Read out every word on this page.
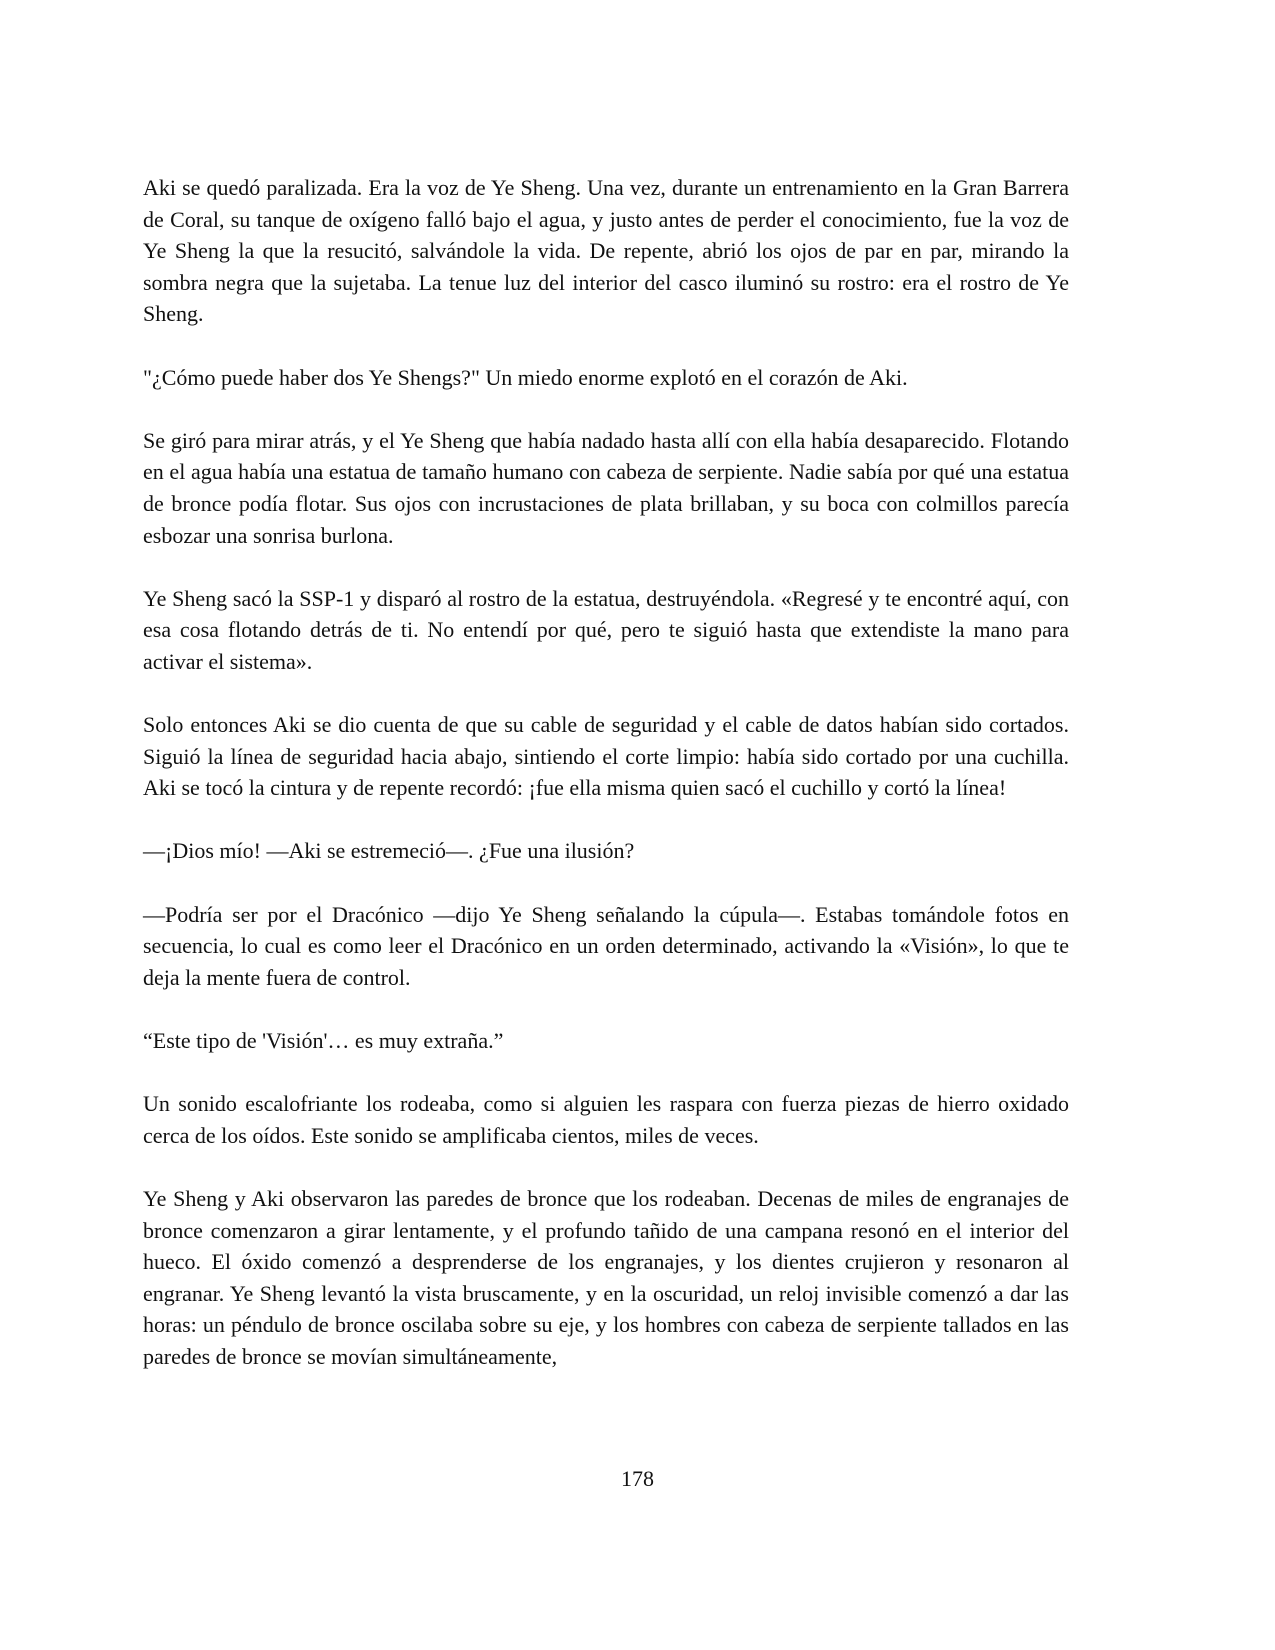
Aki se quedó paralizada. Era la voz de Ye Sheng. Una vez, durante un entrenamiento en la Gran Barrera de Coral, su tanque de oxígeno falló bajo el agua, y justo antes de perder el conocimiento, fue la voz de Ye Sheng la que la resucitó, salvándole la vida. De repente, abrió los ojos de par en par, mirando la sombra negra que la sujetaba. La tenue luz del interior del casco iluminó su rostro: era el rostro de Ye Sheng.

"¿Cómo puede haber dos Ye Shengs?" Un miedo enorme explotó en el corazón de Aki.

Se giró para mirar atrás, y el Ye Sheng que había nadado hasta allí con ella había desaparecido. Flotando en el agua había una estatua de tamaño humano con cabeza de serpiente. Nadie sabía por qué una estatua de bronce podía flotar. Sus ojos con incrustaciones de plata brillaban, y su boca con colmillos parecía esbozar una sonrisa burlona.

Ye Sheng sacó la SSP-1 y disparó al rostro de la estatua, destruyéndola. «Regresé y te encontré aquí, con esa cosa flotando detrás de ti. No entendí por qué, pero te siguió hasta que extendiste la mano para activar el sistema».

Solo entonces Aki se dio cuenta de que su cable de seguridad y el cable de datos habían sido cortados. Siguió la línea de seguridad hacia abajo, sintiendo el corte limpio: había sido cortado por una cuchilla. Aki se tocó la cintura y de repente recordó: ¡fue ella misma quien sacó el cuchillo y cortó la línea!

—¡Dios mío! —Aki se estremeció—. ¿Fue una ilusión?

—Podría ser por el Dracónico —dijo Ye Sheng señalando la cúpula—. Estabas tomándole fotos en secuencia, lo cual es como leer el Dracónico en un orden determinado, activando la «Visión», lo que te deja la mente fuera de control.

“Este tipo de 'Visión'… es muy extraña.”

Un sonido escalofriante los rodeaba, como si alguien les raspara con fuerza piezas de hierro oxidado cerca de los oídos. Este sonido se amplificaba cientos, miles de veces.

Ye Sheng y Aki observaron las paredes de bronce que los rodeaban. Decenas de miles de engranajes de bronce comenzaron a girar lentamente, y el profundo tañido de una campana resonó en el interior del hueco. El óxido comenzó a desprenderse de los engranajes, y los dientes crujieron y resonaron al engranar. Ye Sheng levantó la vista bruscamente, y en la oscuridad, un reloj invisible comenzó a dar las horas: un péndulo de bronce oscilaba sobre su eje, y los hombres con cabeza de serpiente tallados en las paredes de bronce se movían simultáneamente,

178
